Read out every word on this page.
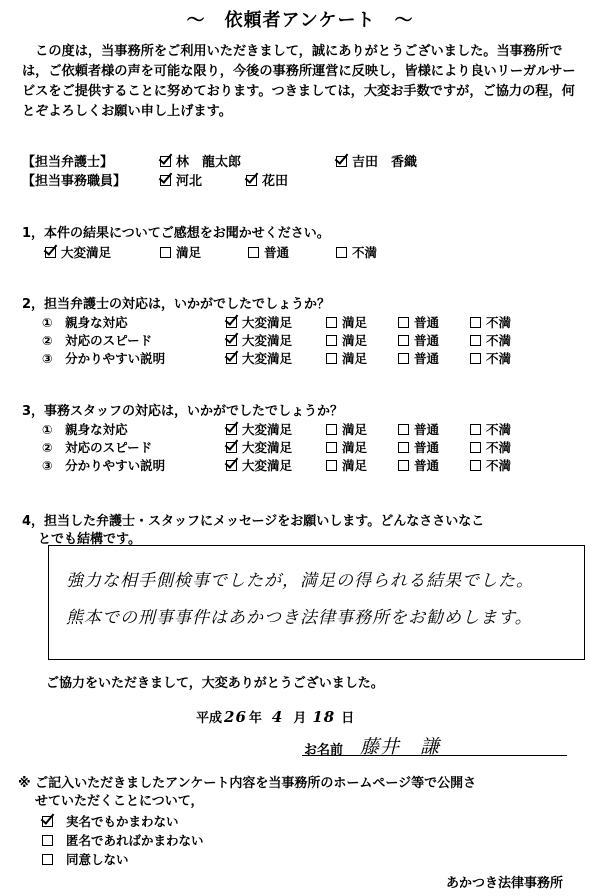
〜　依頼者アンケート　〜
　この度は，当事務所をご利用いただきまして，誠にありがとうございました。当事務所では，ご依頼者様の声を可能な限り，今後の事務所運営に反映し，皆様により良いリーガルサービスをご提供することに努めております。つきましては，大変お手数ですが，ご協力の程，何とぞよろしくお願い申し上げます。
【担当弁護士】	林　龍太郎	吉田　香織
【担当事務職員】	河北	花田
1，本件の結果についてご感想をお聞かせください。
大変満足	満足	普通	不満
2，担当弁護士の対応は，いかがでしたでしょうか？
①　親身な対応	大変満足	満足	普通	不満
②　対応のスピード	大変満足	満足	普通	不満
③　分かりやすい説明	大変満足	満足	普通	不満
3，事務スタッフの対応は，いかがでしたでしょうか？
①　親身な対応	大変満足	満足	普通	不満
②　対応のスピード	大変満足	満足	普通	不満
③　分かりやすい説明	大変満足	満足	普通	不満
4，担当した弁護士・スタッフにメッセージをお願いします。どんなささいなこ
とでも結構です。
強力な相手側検事でしたが，満足の得られる結果でした。
熊本での刑事事件はあかつき法律事務所をお勧めします。
ご協力をいただきまして，大変ありがとうございました。
平成 26 年 4 月 18 日
お名前 藤井　謙
※ ご記入いただきましたアンケート内容を当事務所のホームページ等で公開さ
　せていただくことについて，
実名でもかまわない
匿名であればかまわない
同意しない
あかつき法律事務所
